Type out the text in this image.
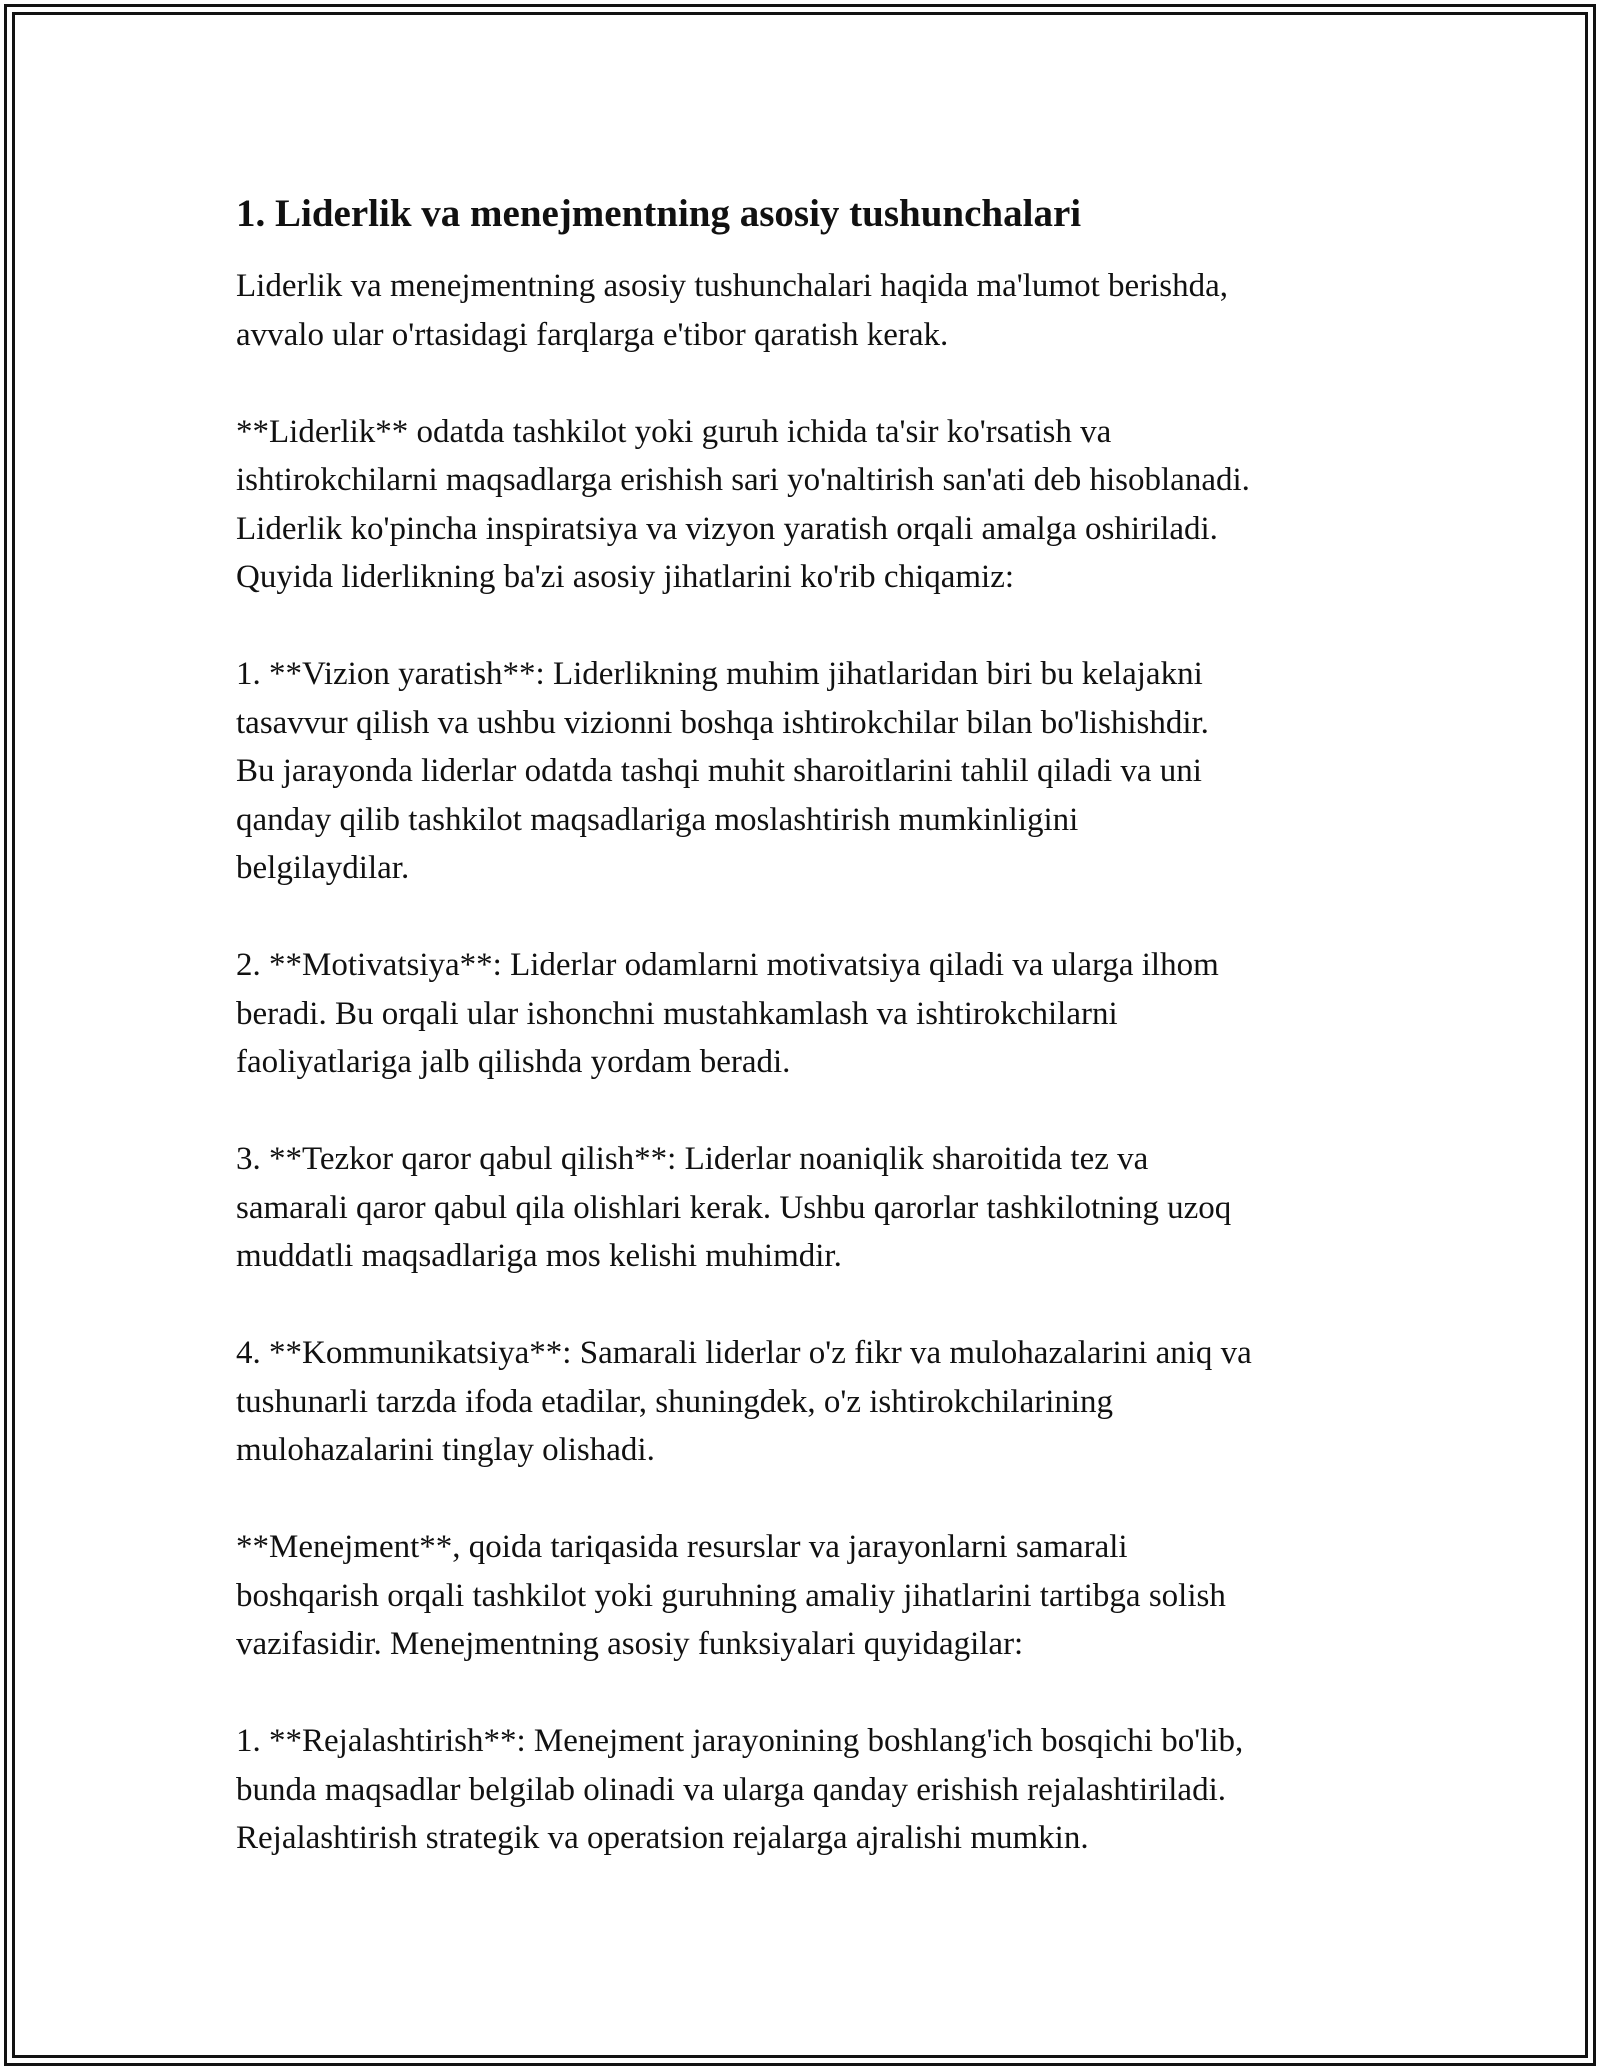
1. Liderlik va menejmentning asosiy tushunchalari

Liderlik va menejmentning asosiy tushunchalari haqida ma'lumot berishda,
avvalo ular o'rtasidagi farqlarga e'tibor qaratish kerak.

**Liderlik** odatda tashkilot yoki guruh ichida ta'sir ko'rsatish va
ishtirokchilarni maqsadlarga erishish sari yo'naltirish san'ati deb hisoblanadi.
Liderlik ko'pincha inspiratsiya va vizyon yaratish orqali amalga oshiriladi.
Quyida liderlikning ba'zi asosiy jihatlarini ko'rib chiqamiz:

1. **Vizion yaratish**: Liderlikning muhim jihatlaridan biri bu kelajakni
tasavvur qilish va ushbu vizionni boshqa ishtirokchilar bilan bo'lishishdir.
Bu jarayonda liderlar odatda tashqi muhit sharoitlarini tahlil qiladi va uni
qanday qilib tashkilot maqsadlariga moslashtirish mumkinligini
belgilaydilar.

2. **Motivatsiya**: Liderlar odamlarni motivatsiya qiladi va ularga ilhom
beradi. Bu orqali ular ishonchni mustahkamlash va ishtirokchilarni
faoliyatlariga jalb qilishda yordam beradi.

3. **Tezkor qaror qabul qilish**: Liderlar noaniqlik sharoitida tez va
samarali qaror qabul qila olishlari kerak. Ushbu qarorlar tashkilotning uzoq
muddatli maqsadlariga mos kelishi muhimdir.

4. **Kommunikatsiya**: Samarali liderlar o'z fikr va mulohazalarini aniq va
tushunarli tarzda ifoda etadilar, shuningdek, o'z ishtirokchilarining
mulohazalarini tinglay olishadi.

**Menejment**, qoida tariqasida resurslar va jarayonlarni samarali
boshqarish orqali tashkilot yoki guruhning amaliy jihatlarini tartibga solish
vazifasidir. Menejmentning asosiy funksiyalari quyidagilar:

1. **Rejalashtirish**: Menejment jarayonining boshlang'ich bosqichi bo'lib,
bunda maqsadlar belgilab olinadi va ularga qanday erishish rejalashtiriladi.
Rejalashtirish strategik va operatsion rejalarga ajralishi mumkin.
